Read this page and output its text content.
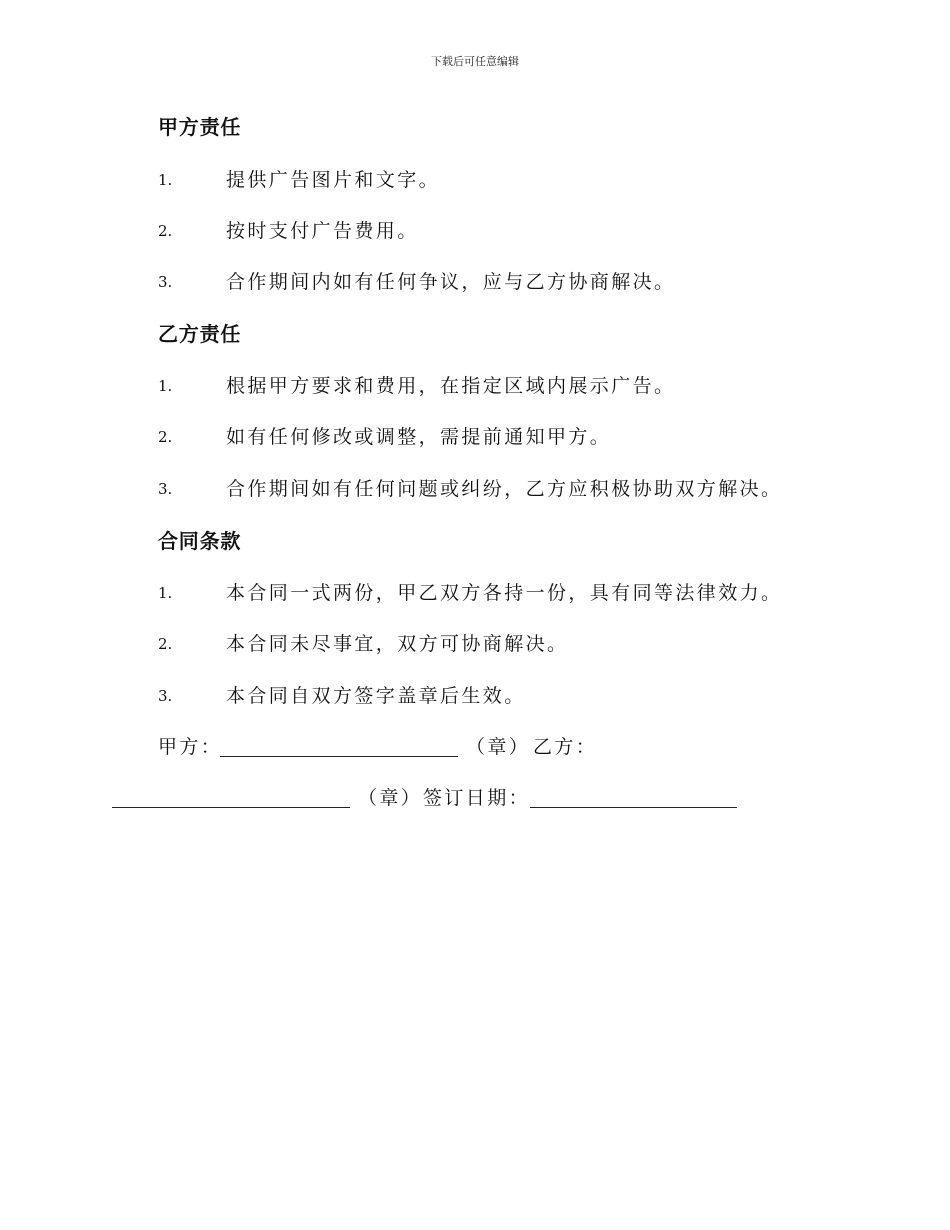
下载后可任意编辑
甲方责任
1.	提供广告图片和文字。
2.	按时支付广告费用。
3.	合作期间内如有任何争议，应与乙方协商解决。
乙方责任
1.	根据甲方要求和费用，在指定区域内展示广告。
2.	如有任何修改或调整，需提前通知甲方。
3.	合作期间如有任何问题或纠纷，乙方应积极协助双方解决。
合同条款
1.	本合同一式两份，甲乙双方各持一份，具有同等法律效力。
2.	本合同未尽事宜，双方可协商解决。
3.	本合同自双方签字盖章后生效。
甲方：	（章） 乙方：
（章） 签订日期：
